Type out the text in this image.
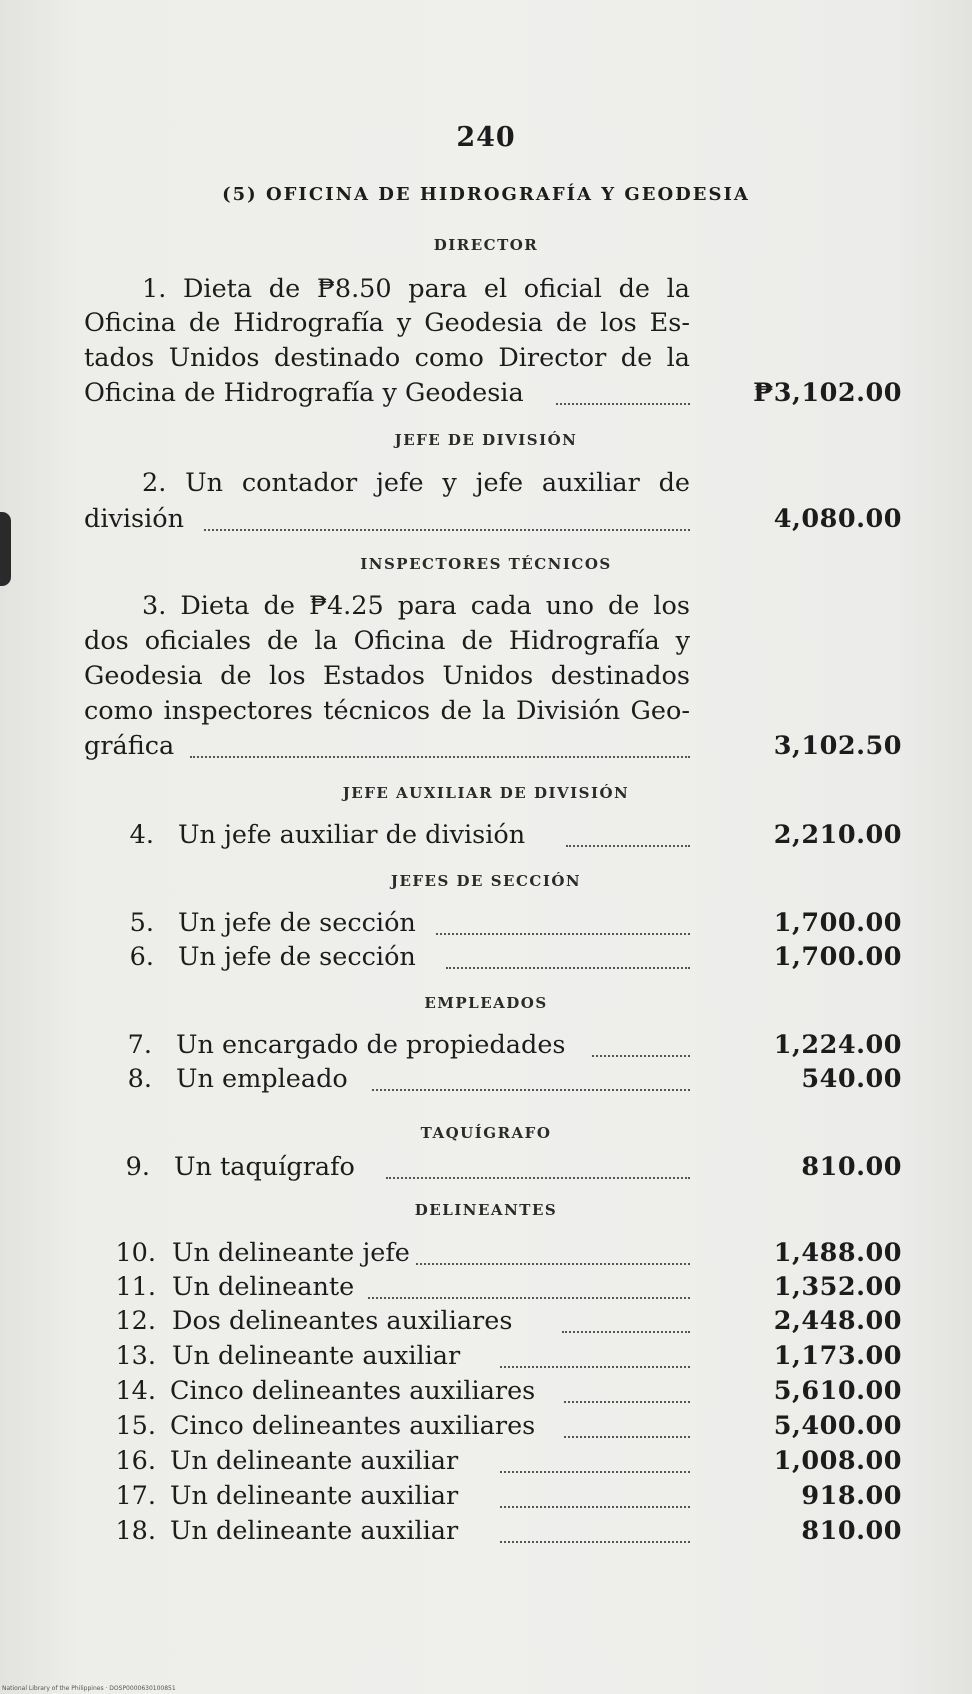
240
(5) OFICINA DE HIDROGRAFÍA Y GEODESIA
DIRECTOR
1. Dieta de ₱8.50 para el oficial de la
Oficina de Hidrografía y Geodesia de los Es-
tados Unidos destinado como Director de la
Oficina de Hidrografía y Geodesia	₱3,102.00
JEFE DE DIVISIÓN
2. Un contador jefe y jefe auxiliar de
división	4,080.00
INSPECTORES TÉCNICOS
3. Dieta de ₱4.25 para cada uno de los
dos oficiales de la Oficina de Hidrografía y
Geodesia de los Estados Unidos destinados
como inspectores técnicos de la División Geo-
gráfica	3,102.50
JEFE AUXILIAR DE DIVISIÓN
4. Un jefe auxiliar de división	2,210.00
JEFES DE SECCIÓN
5. Un jefe de sección	1,700.00
6. Un jefe de sección	1,700.00
EMPLEADOS
7. Un encargado de propiedades	1,224.00
8. Un empleado	540.00
TAQUÍGRAFO
9. Un taquígrafo	810.00
DELINEANTES
10. Un delineante jefe	1,488.00
11. Un delineante	1,352.00
12. Dos delineantes auxiliares	2,448.00
13. Un delineante auxiliar	1,173.00
14. Cinco delineantes auxiliares	5,610.00
15. Cinco delineantes auxiliares	5,400.00
16. Un delineante auxiliar	1,008.00
17. Un delineante auxiliar	918.00
18. Un delineante auxiliar	810.00
National Library of the Philippines · DOSP0000630100851
